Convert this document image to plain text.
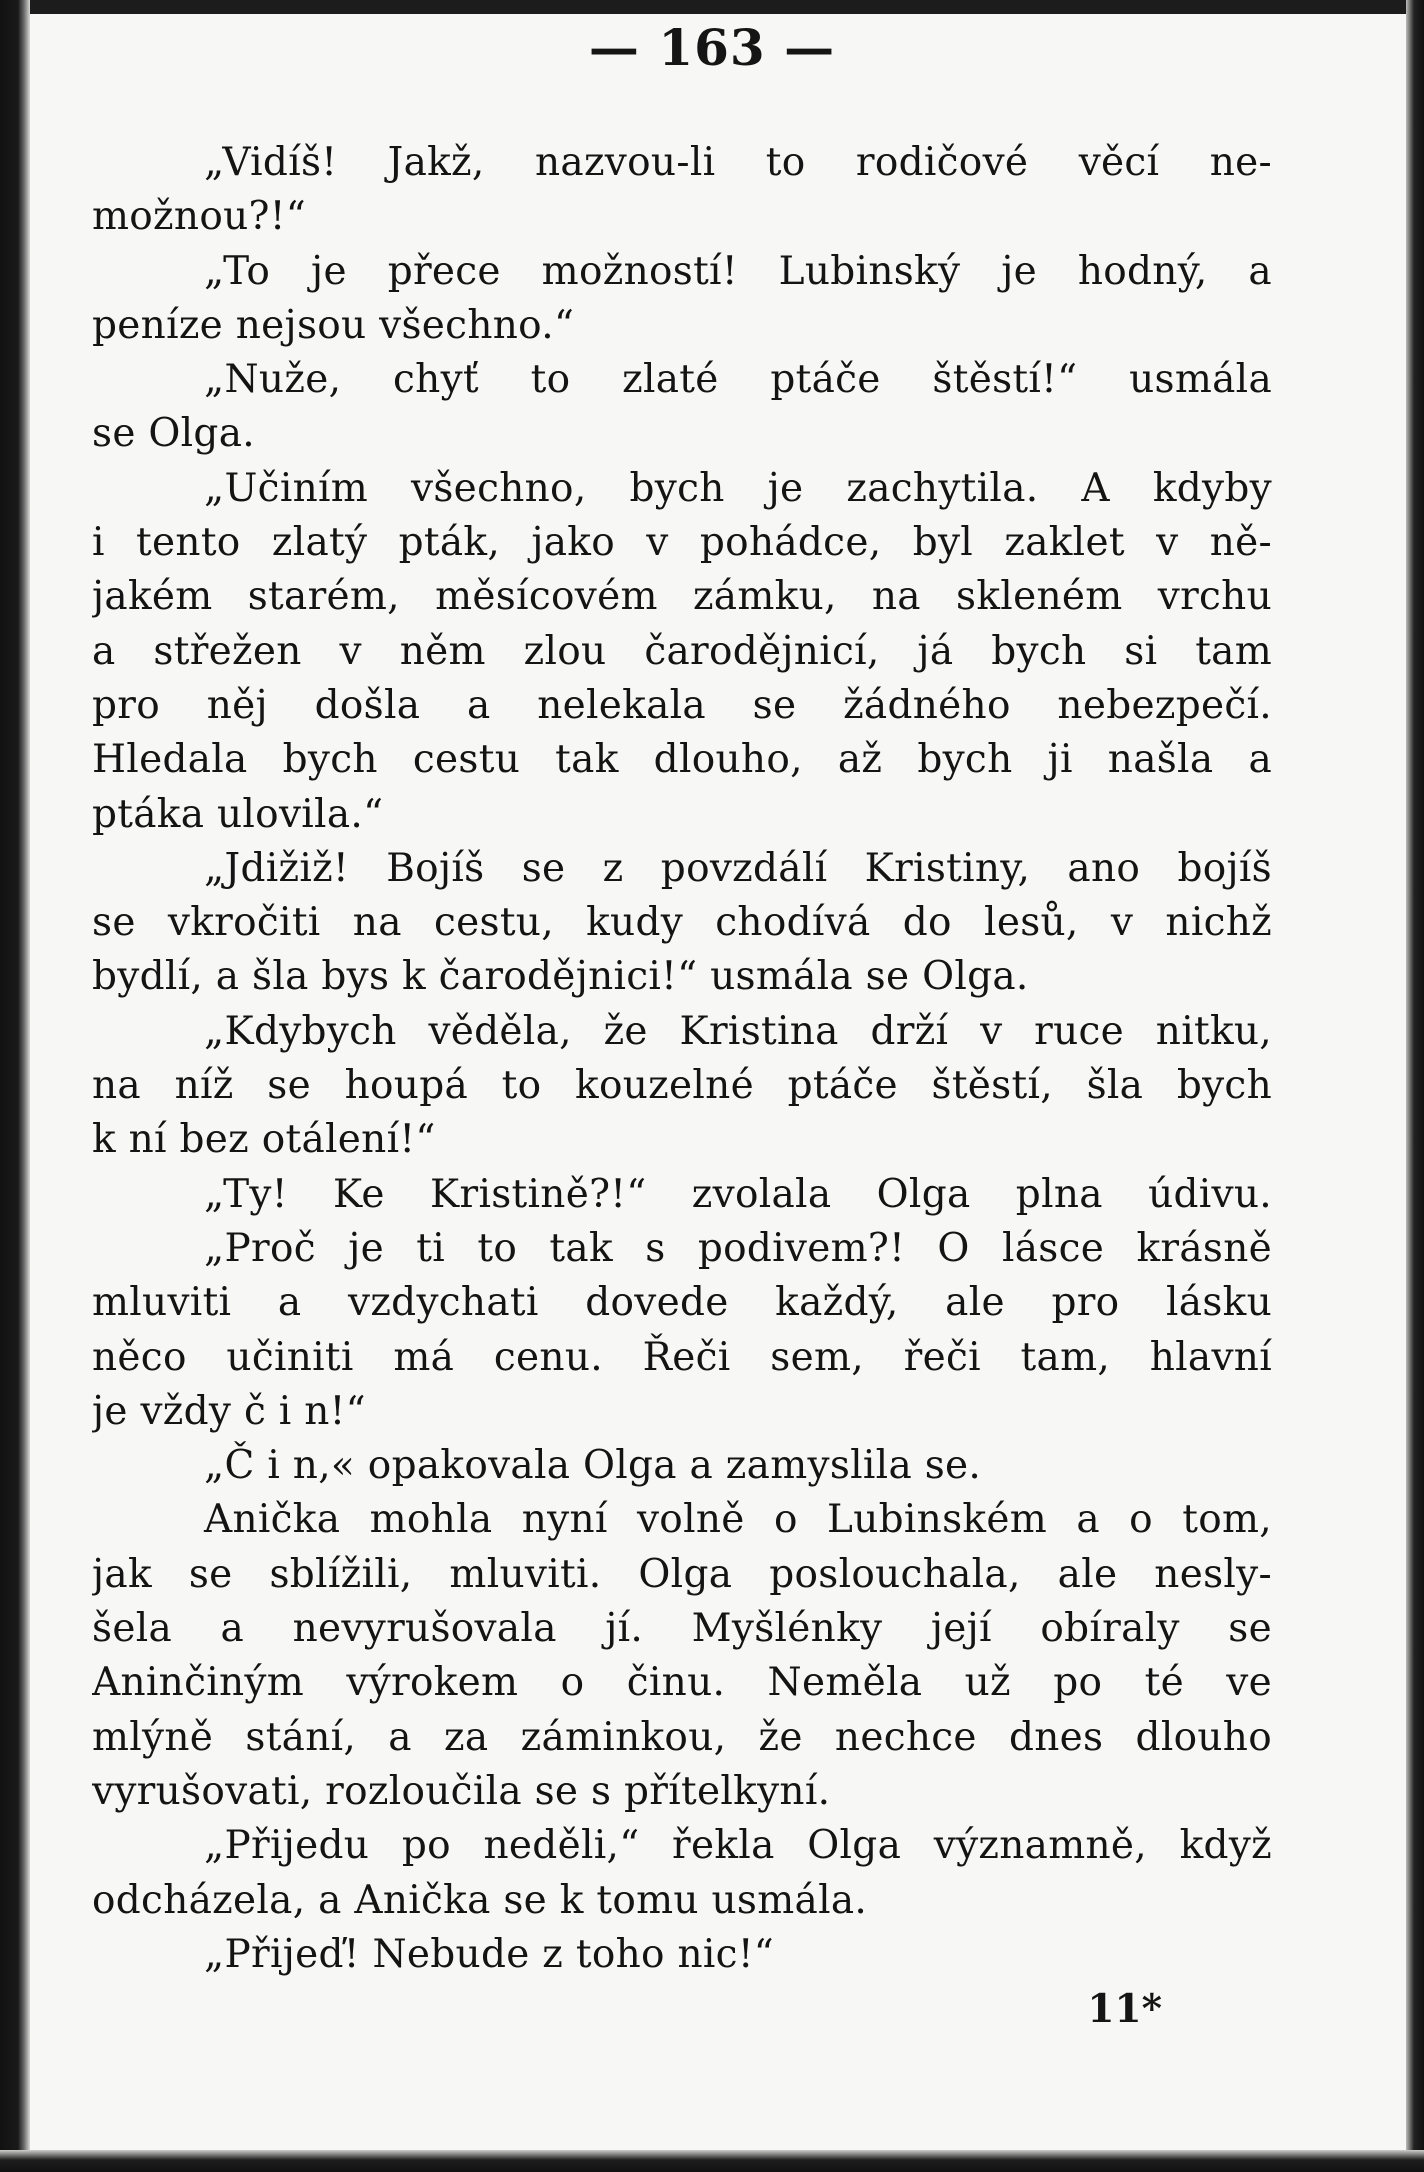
— 163 —
„Vidíš! Jakž, nazvou-li to rodičové věcí ne-
možnou?!“
„To je přece možností! Lubinský je hodný, a
peníze nejsou všechno.“
„Nuže, chyť to zlaté ptáče štěstí!“ usmála
se Olga.
„Učiním všechno, bych je zachytila. A kdyby
i tento zlatý pták, jako v pohádce, byl zaklet v ně-
jakém starém, měsícovém zámku, na skleném vrchu
a střežen v něm zlou čarodějnicí, já bych si tam
pro něj došla a nelekala se žádného nebezpečí.
Hledala bych cestu tak dlouho, až bych ji našla a
ptáka ulovila.“
„Jdižiž! Bojíš se z povzdálí Kristiny, ano bojíš
se vkročiti na cestu, kudy chodívá do lesů, v nichž
bydlí, a šla bys k čarodějnici!“ usmála se Olga.
„Kdybych věděla, že Kristina drží v ruce nitku,
na níž se houpá to kouzelné ptáče štěstí, šla bych
k ní bez otálení!“
„Ty! Ke Kristině?!“ zvolala Olga plna údivu.
„Proč je ti to tak s podivem?! O lásce krásně
mluviti a vzdychati dovede každý, ale pro lásku
něco učiniti má cenu. Řeči sem, řeči tam, hlavní
je vždy č i n!“
„Č i n,« opakovala Olga a zamyslila se.
Anička mohla nyní volně o Lubinském a o tom,
jak se sblížili, mluviti. Olga poslouchala, ale nesly-
šela a nevyrušovala jí. Myšlénky její obíraly se
Aninčiným výrokem o činu. Neměla už po té ve
mlýně stání, a za záminkou, že nechce dnes dlouho
vyrušovati, rozloučila se s přítelkyní.
„Přijedu po neděli,“ řekla Olga významně, když
odcházela, a Anička se k tomu usmála.
„Přijeď! Nebude z toho nic!“
11*
